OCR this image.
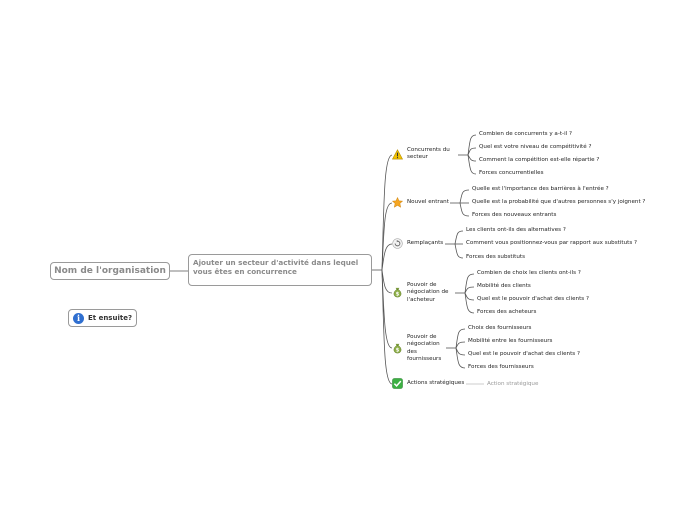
Nom de l'organisation
Ajouter un secteur d'activité dans lequel vous êtes en concurrence
i	Et ensuite?
Concurrents du secteur
Combien de concurrents y a-t-il ?
Quel est votre niveau de compétitivité ?
Comment la compétition est-elle répartie ?
Forces concurrentielles
Nouvel entrant
Quelle est l'importance des barrières à l'entrée ?
Quelle est la probabilité que d'autres personnes s'y joignent ?
Forces des nouveaux entrants
Remplaçants
Les clients ont-ils des alternatives ?
Comment vous positionnez-vous par rapport aux substituts ?
Forces des substituts
$
Pouvoir de négociation de l'acheteur
Combien de choix les clients ont-ils ?
Mobilité des clients
Quel est le pouvoir d'achat des clients ?
Forces des acheteurs
$
Pouvoir de négociation des fournisseurs
Choix des fournisseurs
Mobilité entre les fournisseurs
Quel est le pouvoir d'achat des clients ?
Forces des fournisseurs
Actions stratégiques	Action stratégique
